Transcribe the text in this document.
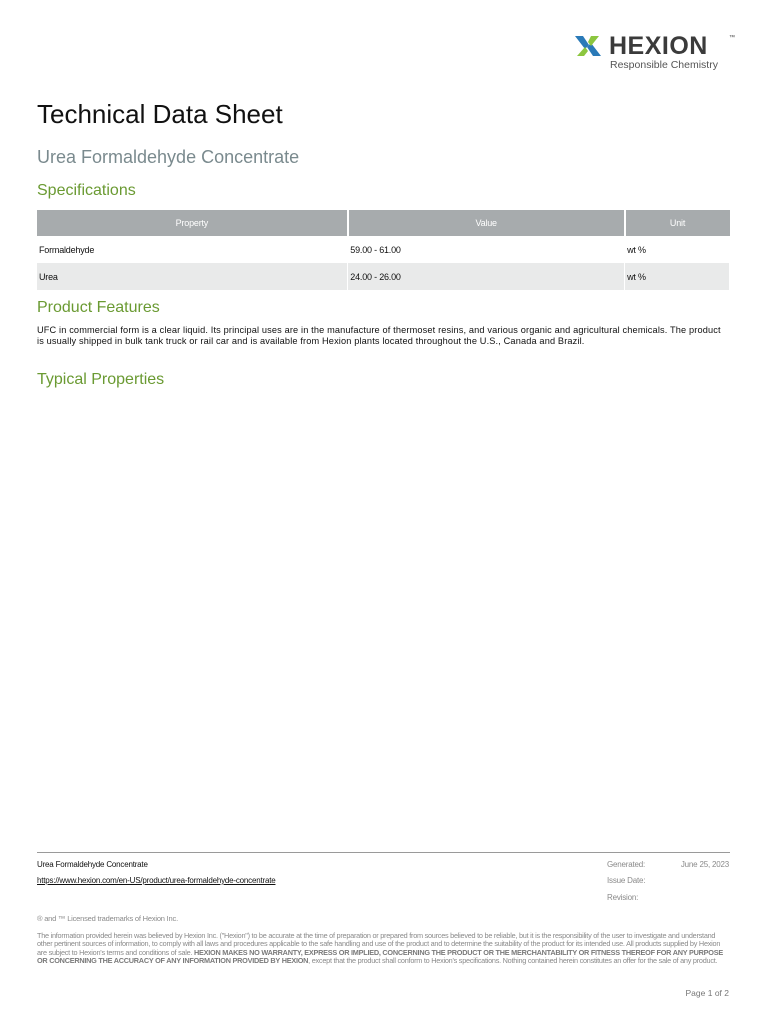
HEXION	™
Responsible Chemistry
Technical Data Sheet
Urea Formaldehyde Concentrate
Specifications
Property	Value	Unit
Formaldehyde	59.00 - 61.00	wt %
Urea	24.00 - 26.00	wt %
Product Features

UFC in commercial form is a clear liquid. Its principal uses are in the manufacture of thermoset resins, and various organic and agricultural chemicals. The product is usually shipped in bulk tank truck or rail car and is available from Hexion plants located throughout the U.S., Canada and Brazil.

Typical Properties
Urea Formaldehyde Concentrate
https://www.hexion.com/en-US/product/urea-formaldehyde-concentrate
Generated:	June 25, 2023
Issue Date:
Revision:
® and ™ Licensed trademarks of Hexion Inc.

The information provided herein was believed by Hexion Inc. ("Hexion") to be accurate at the time of preparation or prepared from sources believed to be reliable, but it is the responsibility of the user to investigate and understand other pertinent sources of information, to comply with all laws and procedures applicable to the safe handling and use of the product and to determine the suitability of the product for its intended use. All products supplied by Hexion are subject to Hexion's terms and conditions of sale. HEXION MAKES NO WARRANTY, EXPRESS OR IMPLIED, CONCERNING THE PRODUCT OR THE MERCHANTABILITY OR FITNESS THEREOF FOR ANY PURPOSE OR CONCERNING THE ACCURACY OF ANY INFORMATION PROVIDED BY HEXION, except that the product shall conform to Hexion's specifications. Nothing contained herein constitutes an offer for the sale of any product.

Page 1 of 2
